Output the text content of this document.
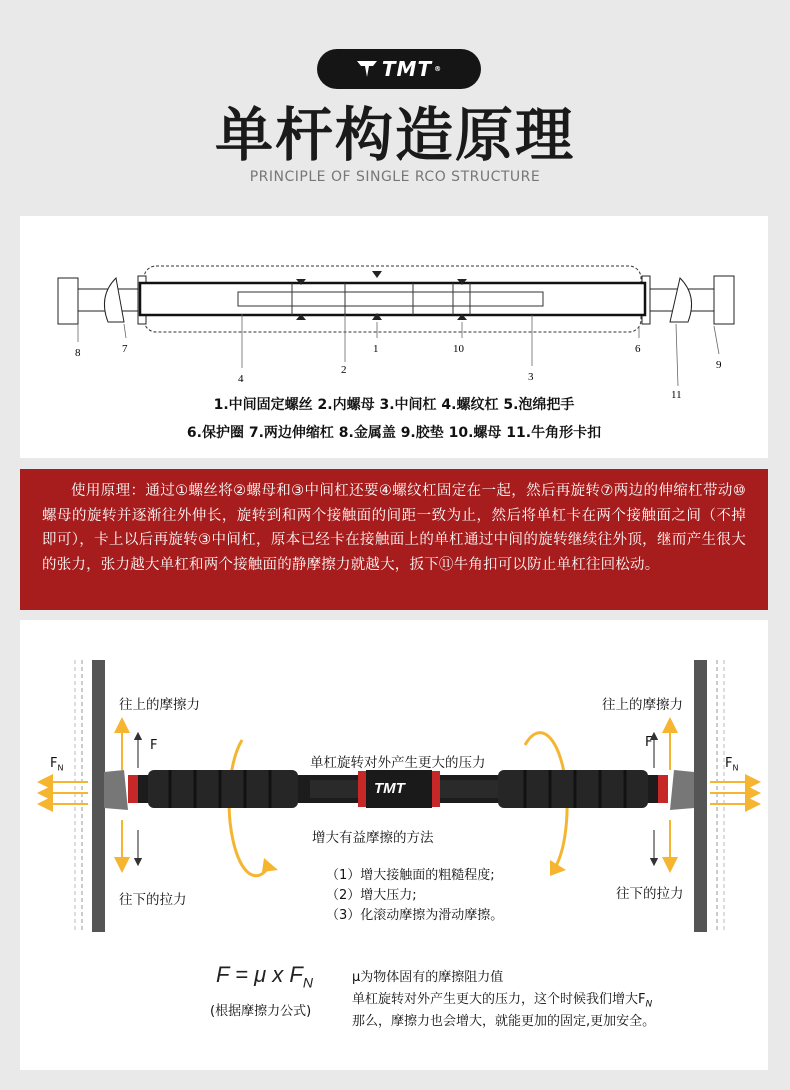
TMT ®
单杆构造原理
PRINCIPLE OF SINGLE RCO STRUCTURE
8	7
4
2
1	10
3
6
9
11
1.中间固定螺丝 2.内螺母 3.中间杠 4.螺纹杠 5.泡绵把手
6.保护圈 7.两边伸缩杠 8.金属盖 9.胶垫 10.螺母 11.牛角形卡扣
使用原理：通过①螺丝将②螺母和③中间杠还要④螺纹杠固定在一起，然后再旋转⑦两边的伸缩杠带动⑩螺母的旋转并逐渐往外伸长，旋转到和两个接触面的间距一致为止，然后将单杠卡在两个接触面之间（不掉即可），卡上以后再旋转③中间杠，原本已经卡在接触面上的单杠通过中间的旋转继续往外顶，继而产生很大的张力，张力越大单杠和两个接触面的静摩擦力就越大，扳下⑪牛角扣可以防止单杠往回松动。
往上的摩擦力	往上的摩擦力
往下的拉力	往下的拉力
F	F
$F_N$	$F_N$
单杠旋转对外产生更大的压力
TMT
增大有益摩擦的方法
（1）增大接触面的粗糙程度;
（2）增大压力;
（3）化滚动摩擦为滑动摩擦。
F = μ x $F_N$
(根据摩擦力公式)
μ为物体固有的摩擦阻力值
单杠旋转对外产生更大的压力，这个时候我们增大$F_N$
那么，摩擦力也会增大，就能更加的固定,更加安全。
